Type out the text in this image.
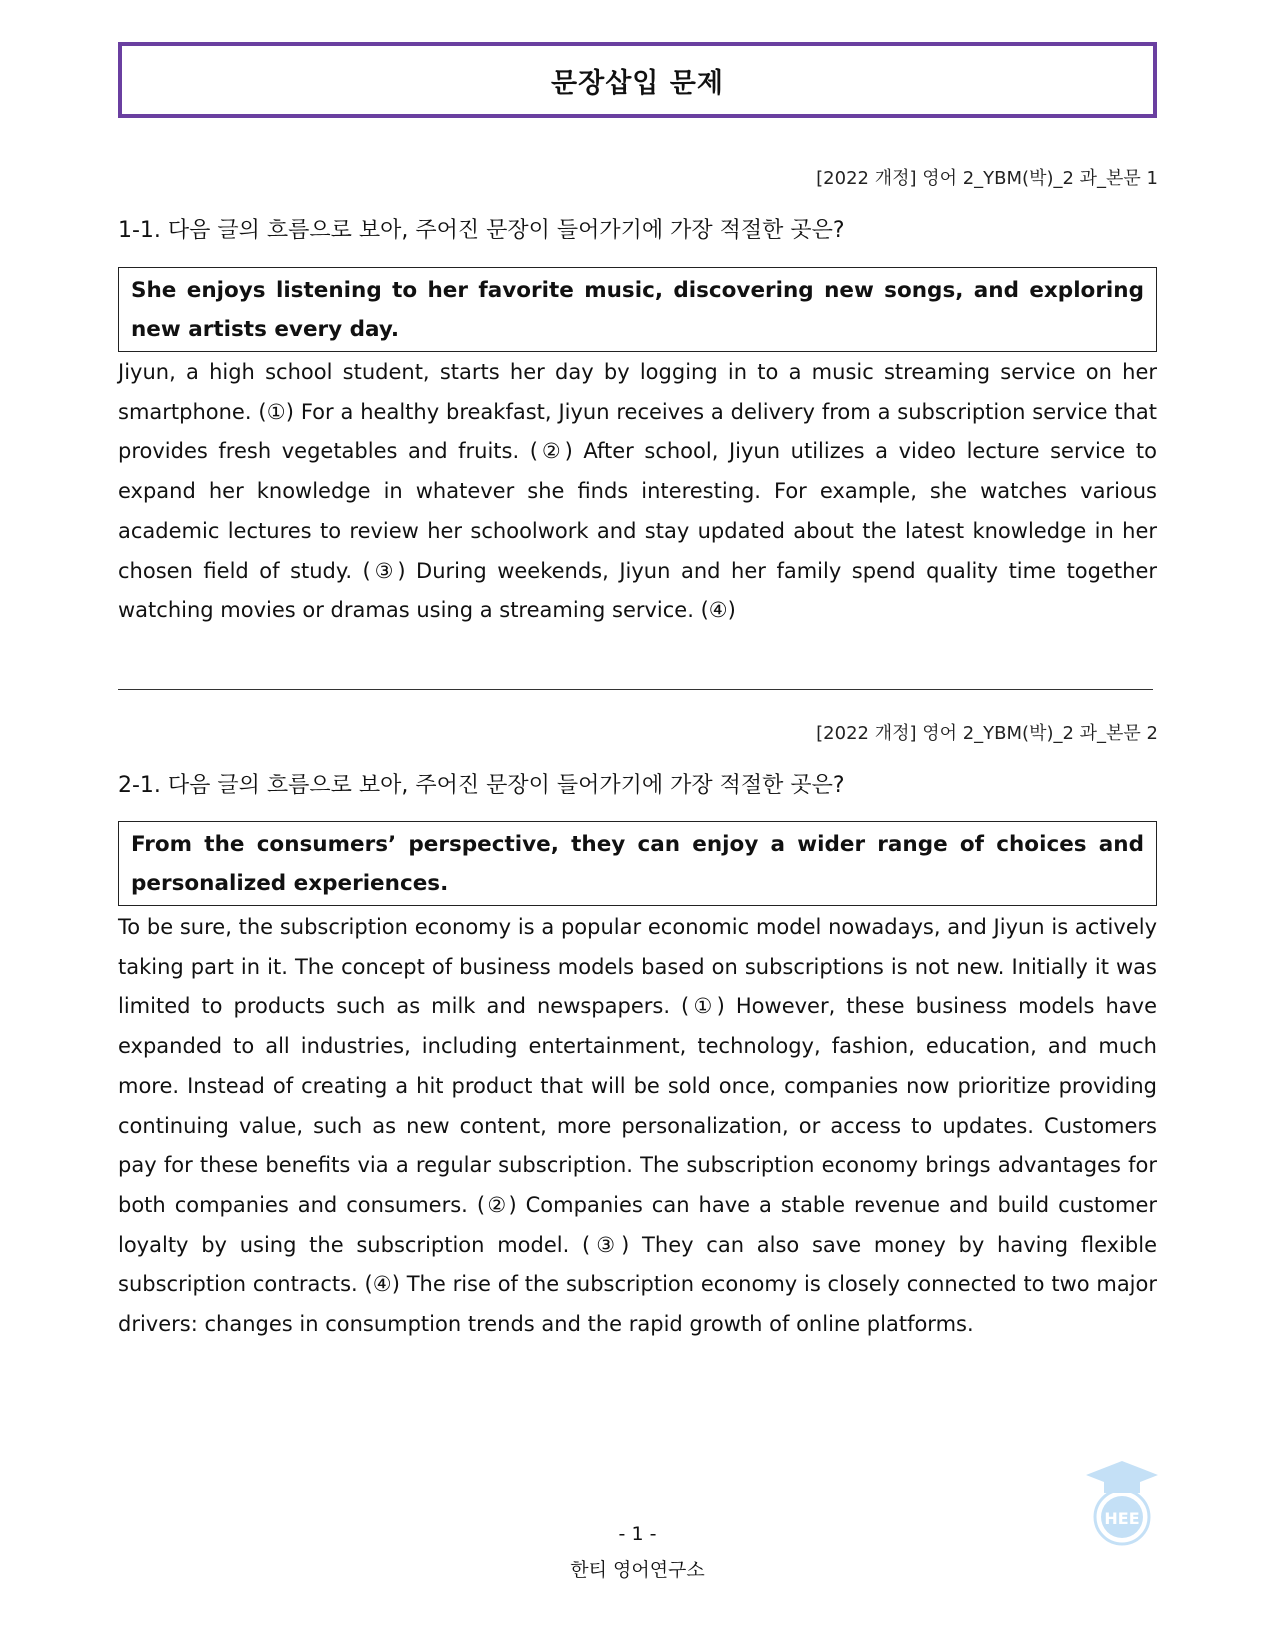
문장삽입 문제
[2022 개정] 영어 2_YBM(박)_2 과_본문 1
1-1. 다음 글의 흐름으로 보아, 주어진 문장이 들어가기에 가장 적절한 곳은?
She enjoys listening to her favorite music, discovering new songs, and exploring new artists every day.

Jiyun, a high school student, starts her day by logging in to a music streaming service on her smartphone. (①) For a healthy breakfast, Jiyun receives a delivery from a subscription service that provides fresh vegetables and fruits. (②) After school, Jiyun utilizes a video lecture service to expand her knowledge in whatever she finds interesting. For example, she watches various academic lectures to review her schoolwork and stay updated about the latest knowledge in her chosen field of study. (③) During weekends, Jiyun and her family spend quality time together watching movies or dramas using a streaming service. (④)

[2022 개정] 영어 2_YBM(박)_2 과_본문 2
2-1. 다음 글의 흐름으로 보아, 주어진 문장이 들어가기에 가장 적절한 곳은?
From the consumers’ perspective, they can enjoy a wider range of choices and personalized experiences.

To be sure, the subscription economy is a popular economic model nowadays, and Jiyun is actively taking part in it. The concept of business models based on subscriptions is not new. Initially it was limited to products such as milk and newspapers. (①) However, these business models have expanded to all industries, including entertainment, technology, fashion, education, and much more. Instead of creating a hit product that will be sold once, companies now prioritize providing continuing value, such as new content, more personalization, or access to updates. Customers pay for these benefits via a regular subscription. The subscription economy brings advantages for both companies and consumers. (②) Companies can have a stable revenue and build customer loyalty by using the subscription model. (③) They can also save money by having flexible subscription contracts. (④) The rise of the subscription economy is closely connected to two major drivers: changes in consumption trends and the rapid growth of online platforms.

- 1 -
한티 영어연구소
HEE
